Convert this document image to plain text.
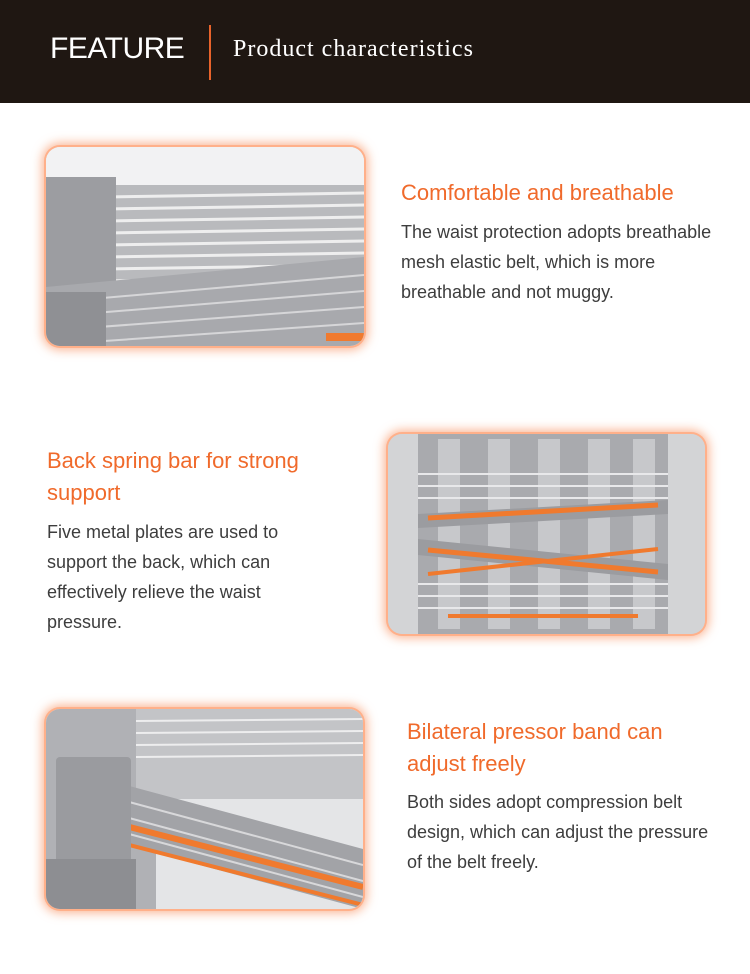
FEATURE Product characteristics
Comfortable and breathable
The waist protection adopts breathable mesh elastic belt, which is more breathable and not muggy.
Back spring bar for strong support
Five metal plates are used to support the back, which can effectively relieve the waist pressure.
Bilateral pressor band can adjust freely
Both sides adopt compression belt design, which can adjust the pressure of the belt freely.
